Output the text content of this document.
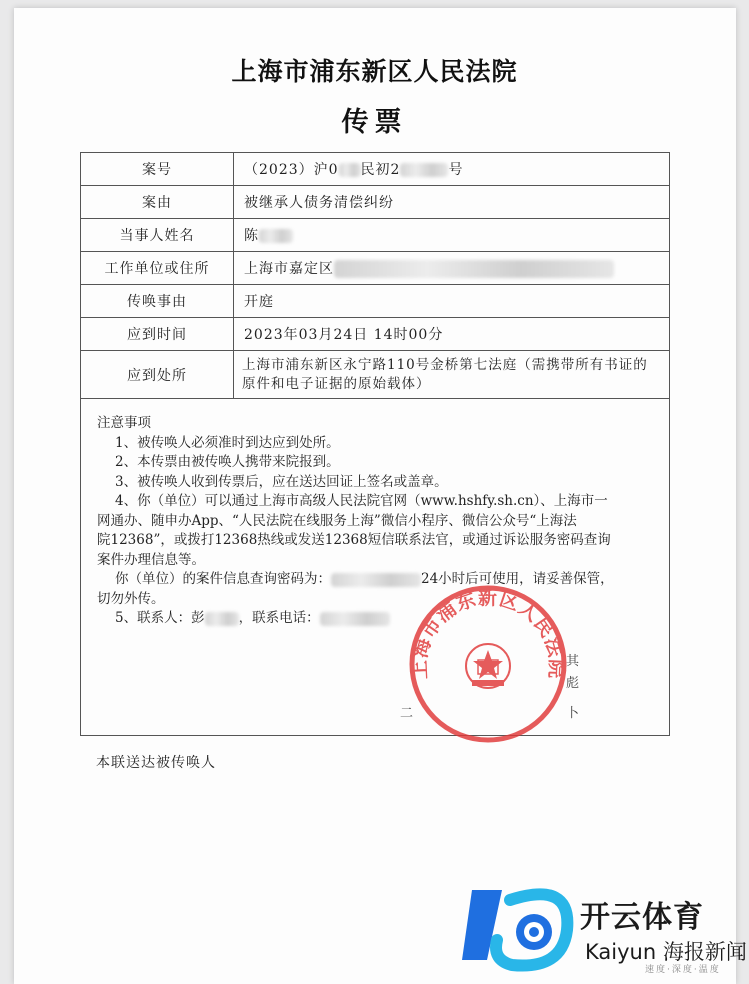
上海市浦东新区人民法院
传票
案号	（2023）沪0 民初2 号
案由	被继承人债务清偿纠纷
当事人姓名	陈
工作单位或住所	上海市嘉定区
传唤事由	开庭
应到时间	2023年03月24日 14时00分
应到处所	上海市浦东新区永宁路110号金桥第七法庭（需携带所有书证的原件和电子证据的原始载体）
注意事项
1、被传唤人必须准时到达应到处所。
2、本传票由被传唤人携带来院报到。
3、被传唤人收到传票后，应在送达回证上签名或盖章。
4、你（单位）可以通过上海市高级人民法院官网（www.hshfy.sh.cn）、上海市一
网通办、随申办App、“人民法院在线服务上海”微信小程序、微信公众号“上海法
院12368”，或拨打12368热线或发送12368短信联系法官，或通过诉讼服务密码查询
案件办理信息等。
你（单位）的案件信息查询密码为：	24小时后可使用，请妥善保管，
切勿外传。
5、联系人：彭	，联系电话：
其
彪
二	卜
上海市浦东新区人民法院
本联送达被传唤人
开云体育
Kaiyun 海报新闻
速度·深度·温度
